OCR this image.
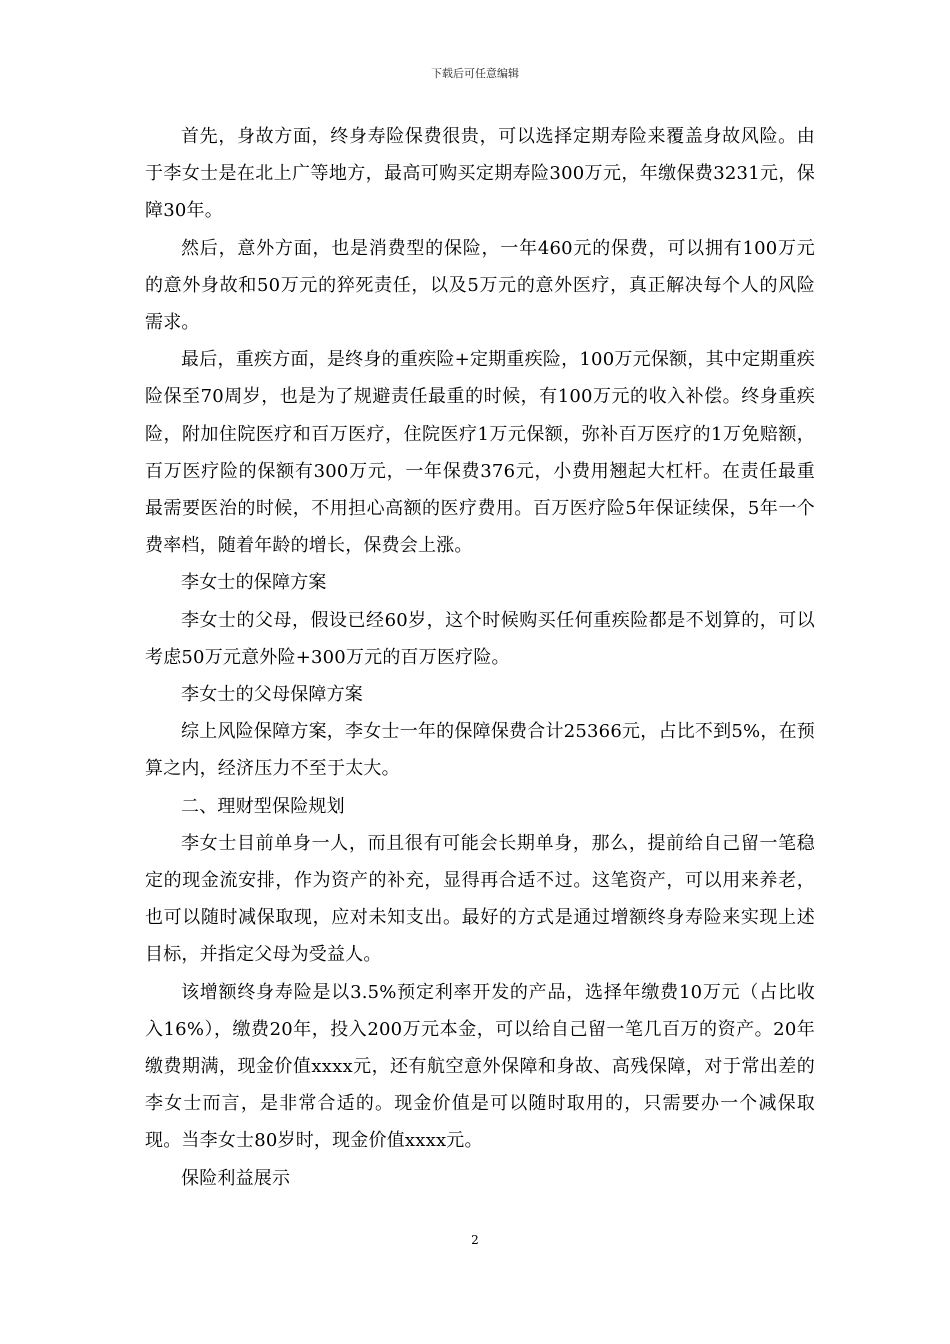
下载后可任意编辑

首先，身故方面，终身寿险保费很贵，可以选择定期寿险来覆盖身故风险。由于李女士是在北上广等地方，最高可购买定期寿险300万元，年缴保费3231元，保障30年。

然后，意外方面，也是消费型的保险，一年460元的保费，可以拥有100万元的意外身故和50万元的猝死责任，以及5万元的意外医疗，真正解决每个人的风险需求。

最后，重疾方面，是终身的重疾险+定期重疾险，100万元保额，其中定期重疾险保至70周岁，也是为了规避责任最重的时候，有100万元的收入补偿。终身重疾险，附加住院医疗和百万医疗，住院医疗1万元保额，弥补百万医疗的1万免赔额，百万医疗险的保额有300万元，一年保费376元，小费用翘起大杠杆。在责任最重最需要医治的时候，不用担心高额的医疗费用。百万医疗险5年保证续保，5年一个费率档，随着年龄的增长，保费会上涨。

李女士的保障方案

李女士的父母，假设已经60岁，这个时候购买任何重疾险都是不划算的，可以考虑50万元意外险+300万元的百万医疗险。

李女士的父母保障方案

综上风险保障方案，李女士一年的保障保费合计25366元，占比不到5%，在预算之内，经济压力不至于太大。

二、理财型保险规划

李女士目前单身一人，而且很有可能会长期单身，那么，提前给自己留一笔稳定的现金流安排，作为资产的补充，显得再合适不过。这笔资产，可以用来养老，也可以随时减保取现，应对未知支出。最好的方式是通过增额终身寿险来实现上述目标，并指定父母为受益人。

该增额终身寿险是以3.5%预定利率开发的产品，选择年缴费10万元（占比收入16%），缴费20年，投入200万元本金，可以给自己留一笔几百万的资产。20年缴费期满，现金价值xxxx元，还有航空意外保障和身故、高残保障，对于常出差的李女士而言，是非常合适的。现金价值是可以随时取用的，只需要办一个减保取现。当李女士80岁时，现金价值xxxx元。

保险利益展示

2
